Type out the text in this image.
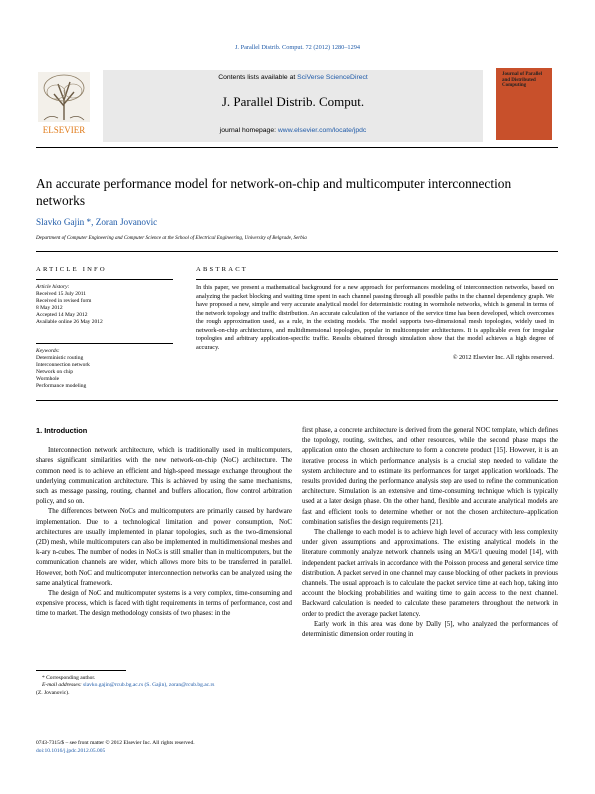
J. Parallel Distrib. Comput. 72 (2012) 1280–1294
ELSEVIER
Contents lists available at SciVerse ScienceDirect
J. Parallel Distrib. Comput.
journal homepage: www.elsevier.com/locate/jpdc
Journal of Parallel and Distributed Computing
An accurate performance model for network-on-chip and multicomputer interconnection networks
Slavko Gajin *, Zoran Jovanovic
Department of Computer Engineering and Computer Science at the School of Electrical Engineering, University of Belgrade, Serbia
ARTICLE INFO	ABSTRACT
Article history:
Received 15 July 2011
Received in revised form
8 May 2012
Accepted 14 May 2012
Available online 26 May 2012
Keywords:
Deterministic routing
Interconnection network
Network on chip
Wormhole
Performance modeling

In this paper, we present a mathematical background for a new approach for performances modeling of interconnection networks, based on analyzing the packet blocking and waiting time spent in each channel passing through all possible paths in the channel dependency graph. We have proposed a new, simple and very accurate analytical model for deterministic routing in wormhole networks, which is general in terms of the network topology and traffic distribution. An accurate calculation of the variance of the service time has been developed, which overcomes the rough approximation used, as a rule, in the existing models. The model supports two-dimensional mesh topologies, widely used in network-on-chip architectures, and multidimensional topologies, popular in multicomputer architectures. It is applicable even for irregular topologies and arbitrary application-specific traffic. Results obtained through simulation show that the model achieves a high degree of accuracy.

© 2012 Elsevier Inc. All rights reserved.

1. Introduction

Interconnection network architecture, which is traditionally used in multicomputers, shares significant similarities with the new network-on-chip (NoC) architecture. The common need is to achieve an efficient and high-speed message exchange throughout the underlying communication architecture. This is achieved by using the same mechanisms, such as message passing, routing, channel and buffers allocation, flow control arbitration policy, and so on.

The differences between NoCs and multicomputers are primarily caused by hardware implementation. Due to a technological limitation and power consumption, NoC architectures are usually implemented in planar topologies, such as the two-dimensional (2D) mesh, while multicomputers can also be implemented in multidimensional meshes and k-ary n-cubes. The number of nodes in NoCs is still smaller than in multicomputers, but the communication channels are wider, which allows more bits to be transferred in parallel. However, both NoC and multicomputer interconnection networks can be analyzed using the same analytical framework.

The design of NoC and multicomputer systems is a very complex, time-consuming and expensive process, which is faced with tight requirements in terms of performance, cost and time to market. The design methodology consists of two phases: in the

first phase, a concrete architecture is derived from the general NOC template, which defines the topology, routing, switches, and other resources, while the second phase maps the application onto the chosen architecture to form a concrete product [15]. However, it is an iterative process in which performance analysis is a crucial step needed to validate the system architecture and to estimate its performances for target application workloads. The results provided during the performance analysis step are used to refine the communication architecture. Simulation is an extensive and time-consuming technique which is typically used at a later design phase. On the other hand, flexible and accurate analytical models are fast and efficient tools to determine whether or not the chosen architecture–application combination satisfies the design requirements [21].

The challenge to each model is to achieve high level of accuracy with less complexity under given assumptions and approximations. The existing analytical models in the literature commonly analyze network channels using an M/G/1 queuing model [14], with independent packet arrivals in accordance with the Poisson process and general service time distribution. A packet served in one channel may cause blocking of other packets in previous channels. The usual approach is to calculate the packet service time at each hop, taking into account the blocking probabilities and waiting time to gain access to the next channel. Backward calculation is needed to calculate these parameters throughout the network in order to predict the average packet latency.

Early work in this area was done by Dally [5], who analyzed the performances of deterministic dimension order routing in

* Corresponding author.

E-mail addresses: slavko.gajin@rcub.bg.ac.rs (S. Gajin), zoran@rcub.bg.ac.rs

(Z. Jovanovic).

0743-7315/$ – see front matter © 2012 Elsevier Inc. All rights reserved.

doi:10.1016/j.jpdc.2012.05.005
